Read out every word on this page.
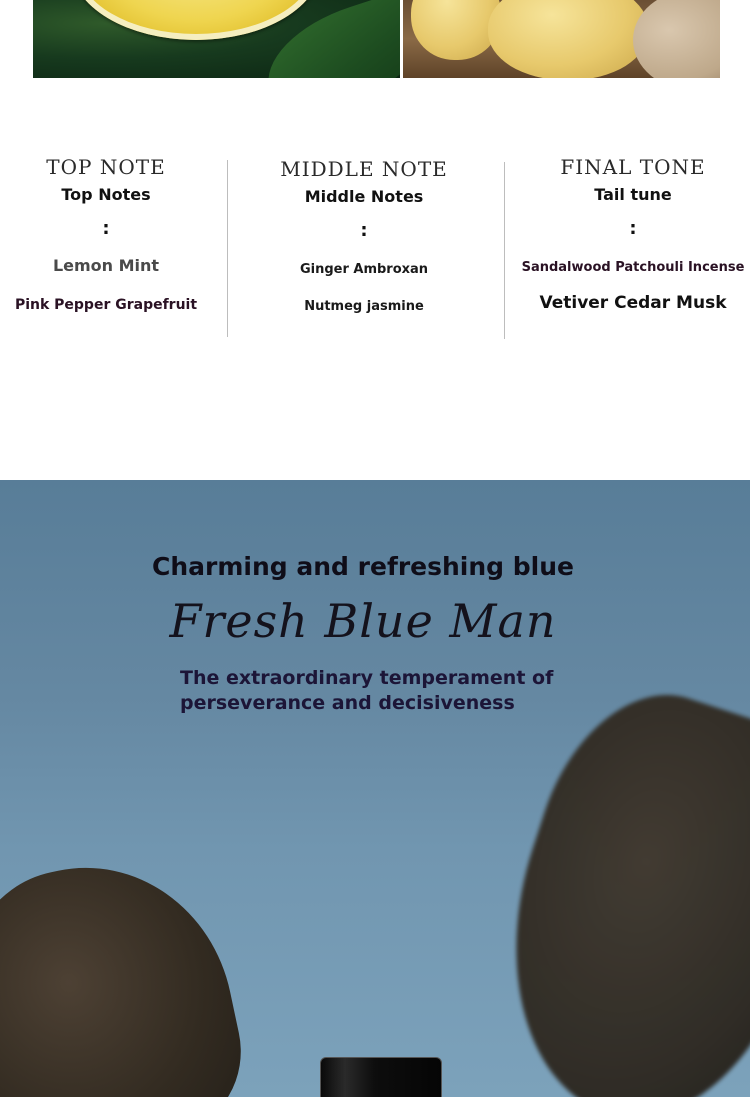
TOP NOTE
Top Notes
:
Lemon Mint
Pink Pepper Grapefruit
MIDDLE NOTE
Middle Notes
:
Ginger Ambroxan
Nutmeg jasmine
FINAL TONE
Tail tune
:
Sandalwood Patchouli Incense
Vetiver Cedar Musk
Charming and refreshing blue
Fresh Blue Man
The extraordinary temperament of perseverance and decisiveness
